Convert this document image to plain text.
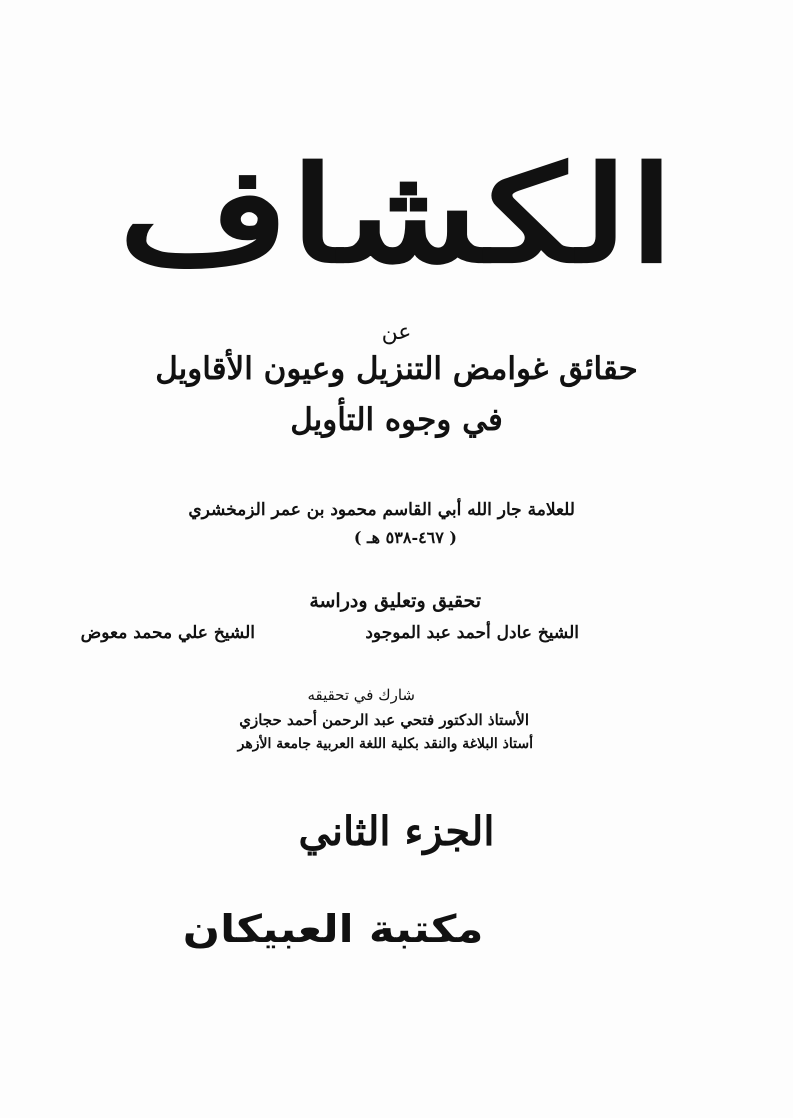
الكشاف
عن
حقائق غوامض التنزيل وعيون الأقاويل
في وجوه التأويل
للعلامة جار الله أبي القاسم محمود بن عمر الزمخشري
( ٤٦٧-٥٣٨ هـ )
تحقيق وتعليق ودراسة
الشيخ عادل أحمد عبد الموجود
الشيخ علي محمد معوض
شارك في تحقيقه
الأستاذ الدكتور فتحي عبد الرحمن أحمد حجازي
أستاذ البلاغة والنقد بكلية اللغة العربية جامعة الأزهر
الجزء الثاني
مكتبة العبيكان
